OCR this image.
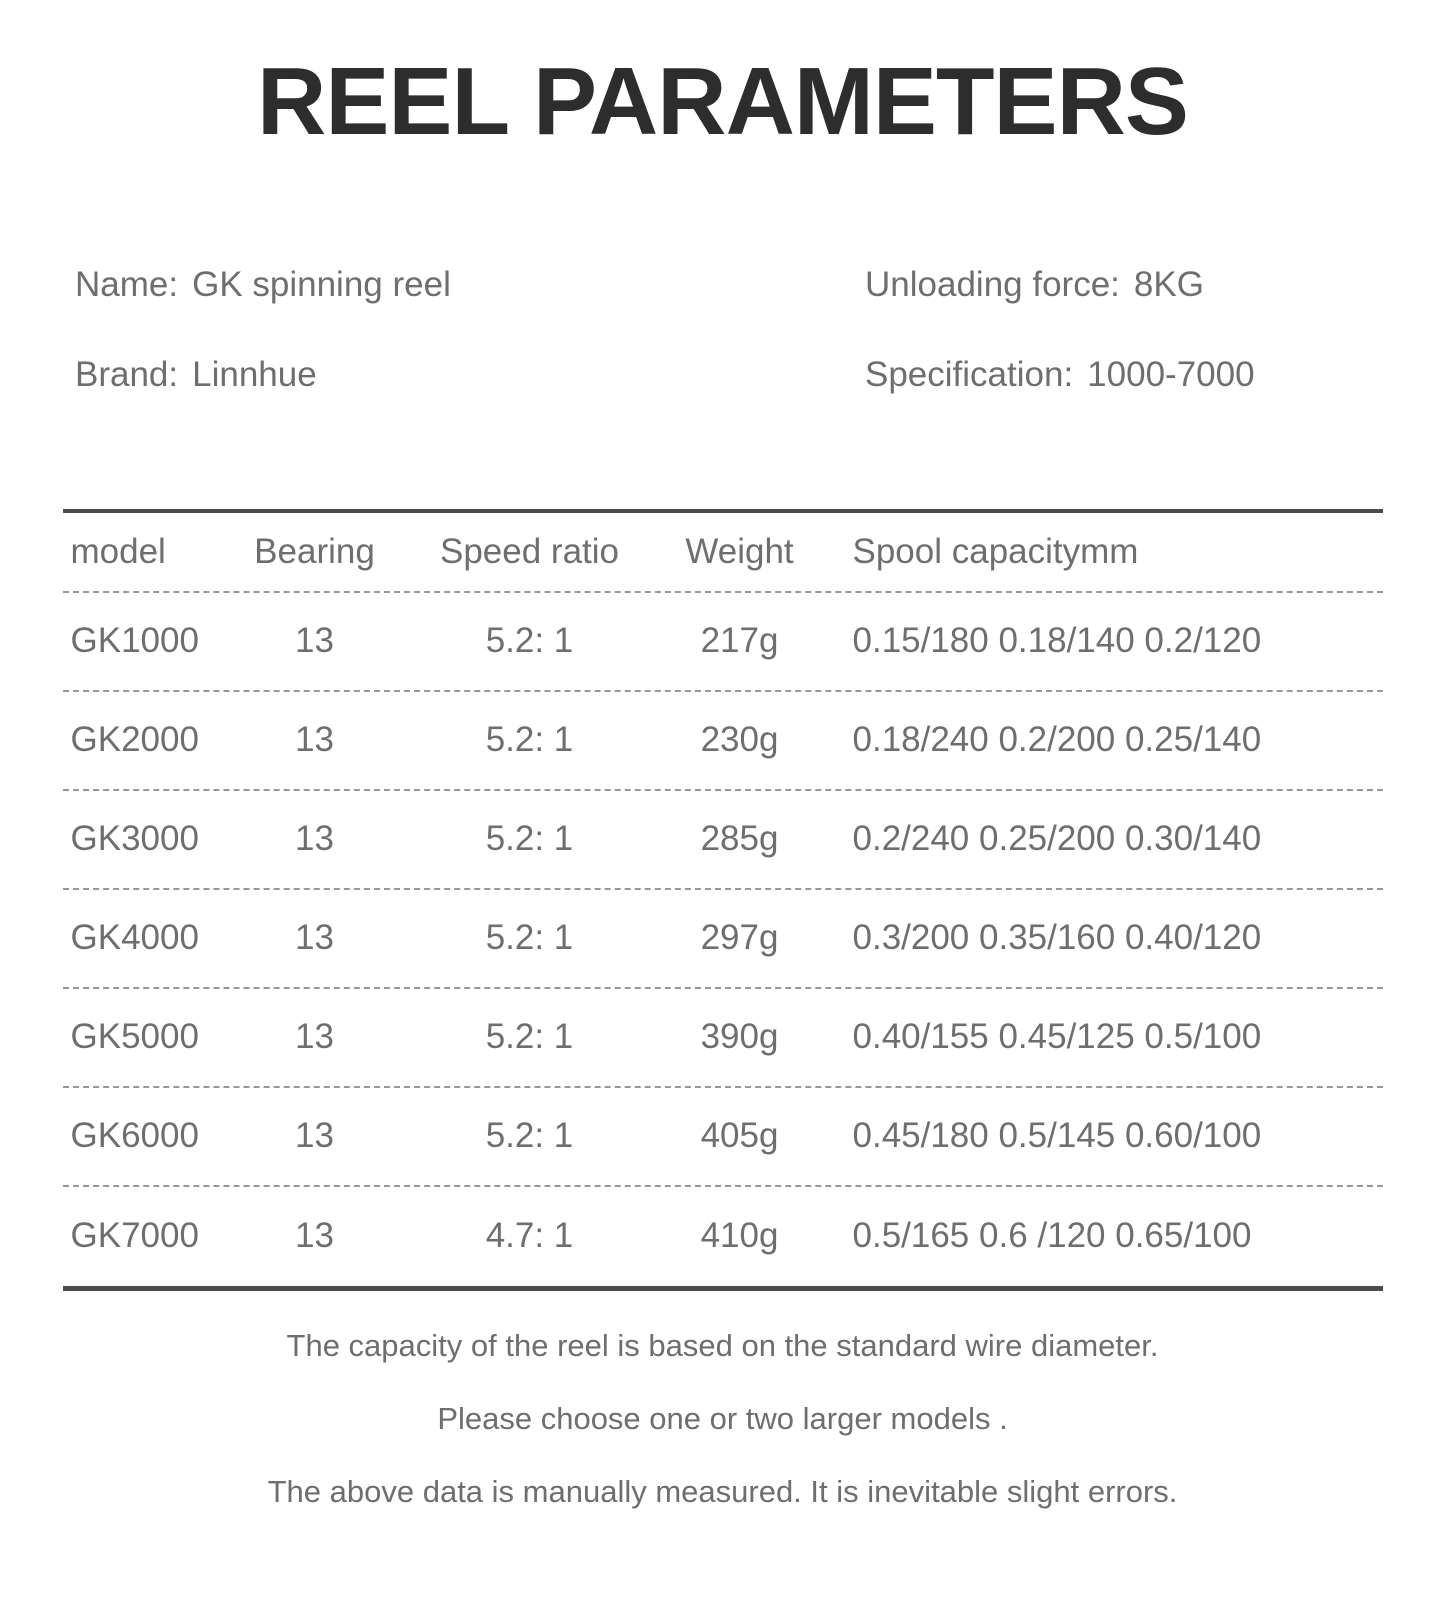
REEL PARAMETERS

Name: GK spinning reel

Brand: Linnhue

Unloading force: 8KG

Specification: 1000-7000

model	Bearing	Speed ratio	Weight	Spool capacitymm
GK1000	13	5.2: 1	217g	0.15/180 0.18/140 0.2/120
GK2000	13	5.2: 1	230g	0.18/240 0.2/200 0.25/140
GK3000	13	5.2: 1	285g	0.2/240 0.25/200 0.30/140
GK4000	13	5.2: 1	297g	0.3/200 0.35/160 0.40/120
GK5000	13	5.2: 1	390g	0.40/155 0.45/125 0.5/100
GK6000	13	5.2: 1	405g	0.45/180 0.5/145 0.60/100
GK7000	13	4.7: 1	410g	0.5/165 0.6 /120 0.65/100

The capacity of the reel is based on the standard wire diameter.

Please choose one or two larger models .

The above data is manually measured. It is inevitable slight errors.
